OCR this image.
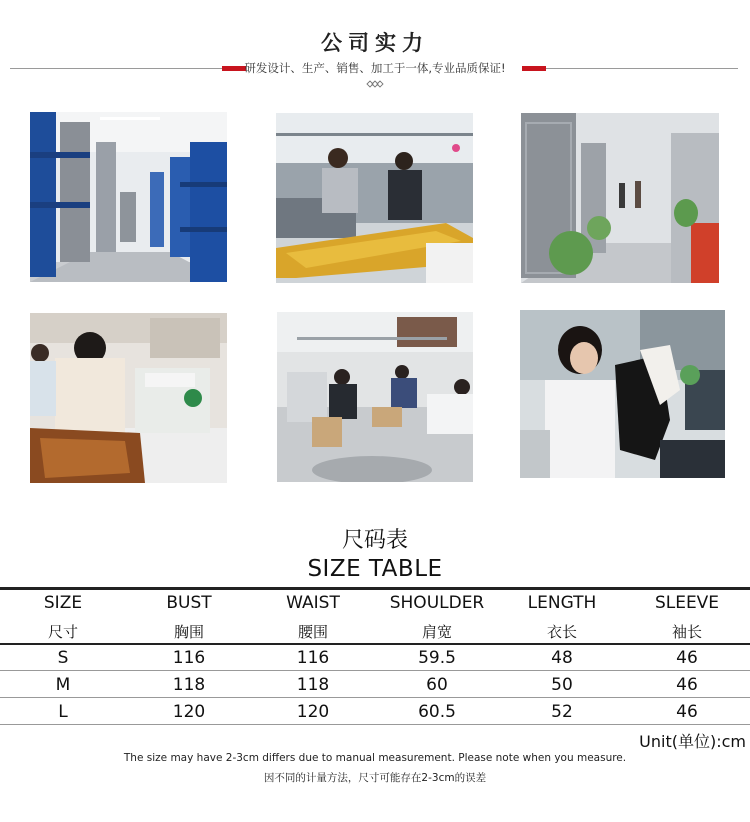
公司实力
研发设计、生产、销售、加工于一体,专业品质保证!
尺码表
SIZE TABLE
SIZE	BUST	WAIST	SHOULDER	LENGTH	SLEEVE
尺寸	胸围	腰围	肩宽	衣长	袖长
S	116	116	59.5	48	46
M	118	118	60	50	46
L	120	120	60.5	52	46
Unit(单位):cm
The size may have 2-3cm differs due to manual measurement. Please note when you measure.
因不同的计量方法，尺寸可能存在2-3cm的误差
